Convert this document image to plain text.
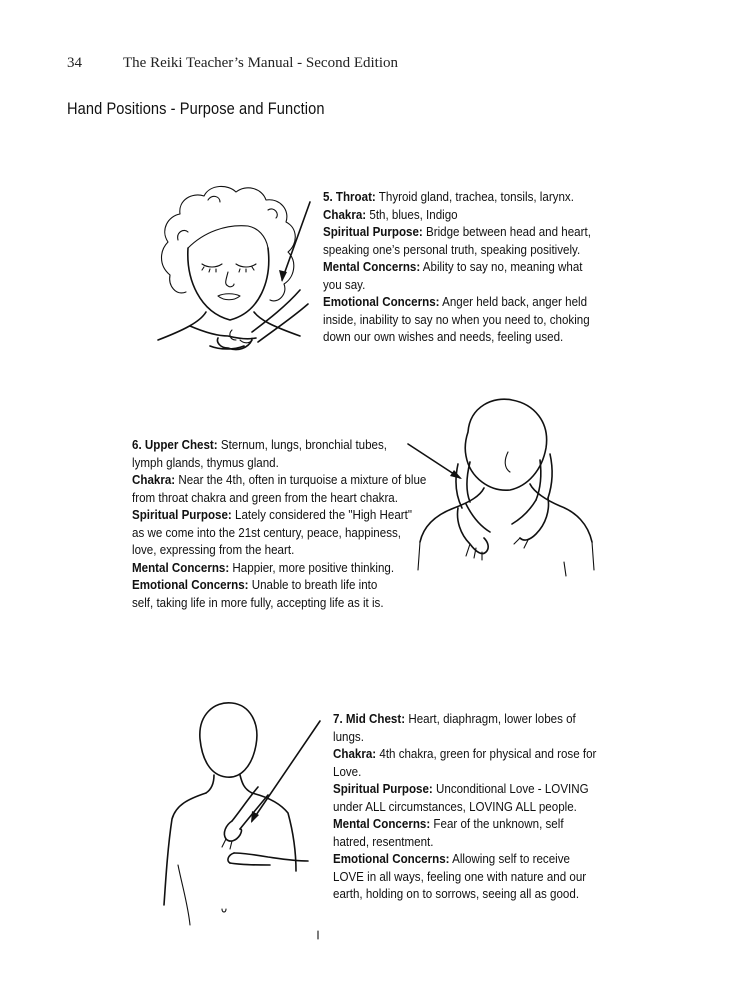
34	The Reiki Teacher’s Manual - Second Edition
Hand Positions - Purpose and Function
5. Throat: Thyroid gland, trachea, tonsils, larynx.
Chakra: 5th, blues, Indigo
Spiritual Purpose: Bridge between head and heart,
speaking one’s personal truth, speaking positively.
Mental Concerns: Ability to say no, meaning what
you say.
Emotional Concerns: Anger held back, anger held
inside, inability to say no when you need to, choking
down our own wishes and needs, feeling used.
6. Upper Chest: Sternum, lungs, bronchial tubes,
lymph glands, thymus gland.
Chakra: Near the 4th, often in turquoise a mixture of blue
from throat chakra and green from the heart chakra.
Spiritual Purpose: Lately considered the "High Heart"
as we come into the 21st century, peace, happiness,
love, expressing from the heart.
Mental Concerns: Happier, more positive thinking.
Emotional Concerns: Unable to breath life into
self, taking life in more fully, accepting life as it is.
7. Mid Chest: Heart, diaphragm, lower lobes of
lungs.
Chakra: 4th chakra, green for physical and rose for
Love.
Spiritual Purpose: Unconditional Love - LOVING
under ALL circumstances, LOVING ALL people.
Mental Concerns: Fear of the unknown, self
hatred, resentment.
Emotional Concerns: Allowing self to receive
LOVE in all ways, feeling one with nature and our
earth, holding on to sorrows, seeing all as good.
